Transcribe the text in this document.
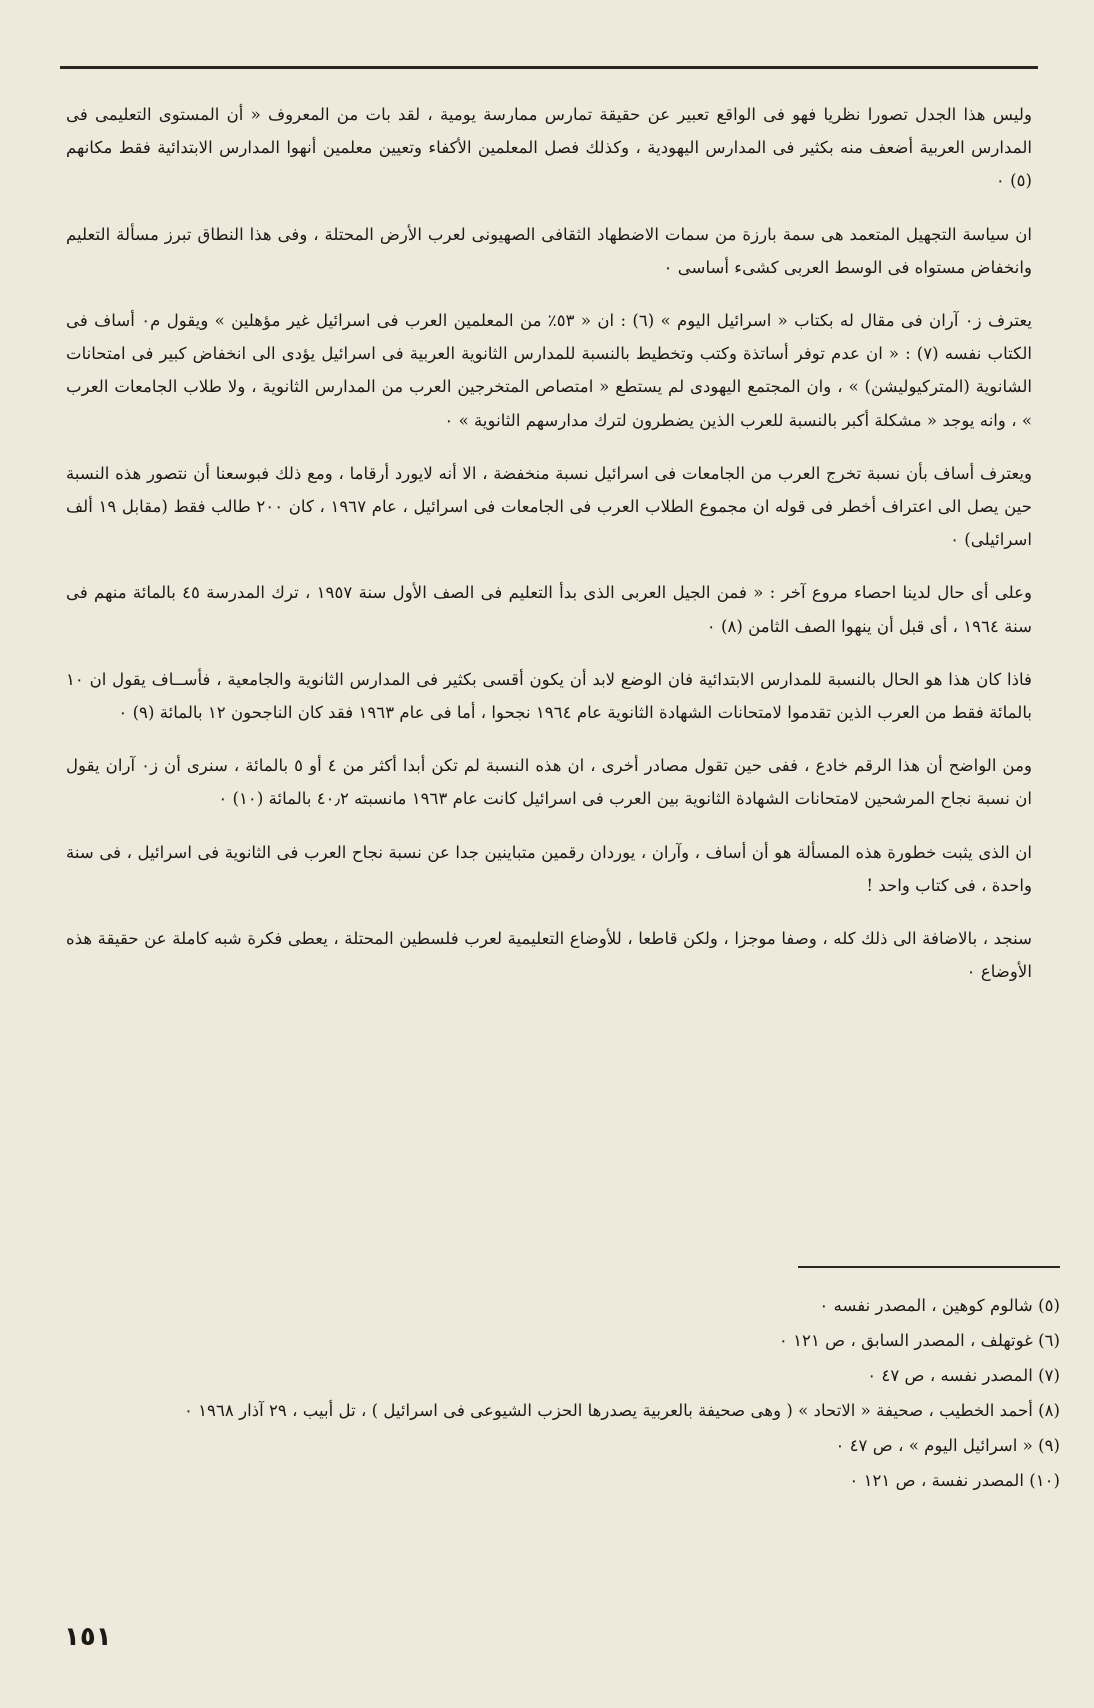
وليس هذا الجدل تصورا نظريا فهو فى الواقع تعبير عن حقيقة تمارس ممارسة يومية ، لقد بات من المعروف « أن المستوى التعليمى فى المدارس العربية أضعف منه بكثير فى المدارس اليهودية ، وكذلك فصل المعلمين الأكفاء وتعيين معلمين أنهوا المدارس الابتدائية فقط مكانهم (٥) ٠

ان سياسة التجهيل المتعمد هى سمة بارزة من سمات الاضطهاد الثقافى الصهيونى لعرب الأرض المحتلة ، وفى هذا النطاق تبرز مسألة التعليم وانخفاض مستواه فى الوسط العربى كشىء أساسى ٠

يعترف ز٠ آران فى مقال له بكتاب « اسرائيل اليوم » (٦) : ان « ٥٣٪ من المعلمين العرب فى اسرائيل غير مؤهلين » ويقول م٠ أساف فى الكتاب نفسه (٧) : « ان عدم توفر أساتذة وكتب وتخطيط بالنسبة للمدارس الثانوية العربية فى اسرائيل يؤدى الى انخفاض كبير فى امتحانات الشانوية (المتركيوليشن) » ، وان المجتمع اليهودى لم يستطع « امتصاص المتخرجين العرب من المدارس الثانوية ، ولا طلاب الجامعات العرب » ، وانه يوجد « مشكلة أكبر بالنسبة للعرب الذين يضطرون لترك مدارسهم الثانوية » ٠

ويعترف أساف بأن نسبة تخرج العرب من الجامعات فى اسرائيل نسبة منخفضة ، الا أنه لايورد أرقاما ، ومع ذلك فبوسعنا أن نتصور هذه النسبة حين يصل الى اعتراف أخطر فى قوله ان مجموع الطلاب العرب فى الجامعات فى اسرائيل ، عام ١٩٦٧ ، كان ٢٠٠ طالب فقط (مقابل ١٩ ألف اسرائيلى) ٠

وعلى أى حال لدينا احصاء مروع آخر : « فمن الجيل العربى الذى بدأ التعليم فى الصف الأول سنة ١٩٥٧ ، ترك المدرسة ٤٥ بالمائة منهم فى سنة ١٩٦٤ ، أى قبل أن ينهوا الصف الثامن (٨) ٠

فاذا كان هذا هو الحال بالنسبة للمدارس الابتدائية فان الوضع لابد أن يكون أقسى بكثير فى المدارس الثانوية والجامعية ، فأســاف يقول ان ١٠ بالمائة فقط من العرب الذين تقدموا لامتحانات الشهادة الثانوية عام ١٩٦٤ نجحوا ، أما فى عام ١٩٦٣ فقد كان الناجحون ١٢ بالمائة (٩) ٠

ومن الواضح أن هذا الرقم خادع ، ففى حين تقول مصادر أخرى ، ان هذه النسبة لم تكن أبدا أكثر من ٤ أو ٥ بالمائة ، سنرى أن ز٠ آران يقول ان نسبة نجاح المرشحين لامتحانات الشهادة الثانوية بين العرب فى اسرائيل كانت عام ١٩٦٣ مانسبته ٤٠٫٢ بالمائة (١٠) ٠

ان الذى يثبت خطورة هذه المسألة هو أن أساف ، وآران ، يوردان رقمين متباينين جدا عن نسبة نجاح العرب فى الثانوية فى اسرائيل ، فى سنة واحدة ، فى كتاب واحد !

سنجد ، بالاضافة الى ذلك كله ، وصفا موجزا ، ولكن قاطعا ، للأوضاع التعليمية لعرب فلسطين المحتلة ، يعطى فكرة شبه كاملة عن حقيقة هذه الأوضاع ٠

(٥) شالوم كوهين ، المصدر نفسه ٠

(٦) غوتهلف ، المصدر السابق ، ص ١٢١ ٠

(٧) المصدر نفسه ، ص ٤٧ ٠

(٨) أحمد الخطيب ، صحيفة « الاتحاد » ( وهى صحيفة بالعربية يصدرها الحزب الشيوعى فى اسرائيل ) ، تل أبيب ، ٢٩ آذار ١٩٦٨ ٠

(٩) « اسرائيل اليوم » ، ص ٤٧ ٠

(١٠) المصدر نفسة ، ص ١٢١ ٠

١٥١
